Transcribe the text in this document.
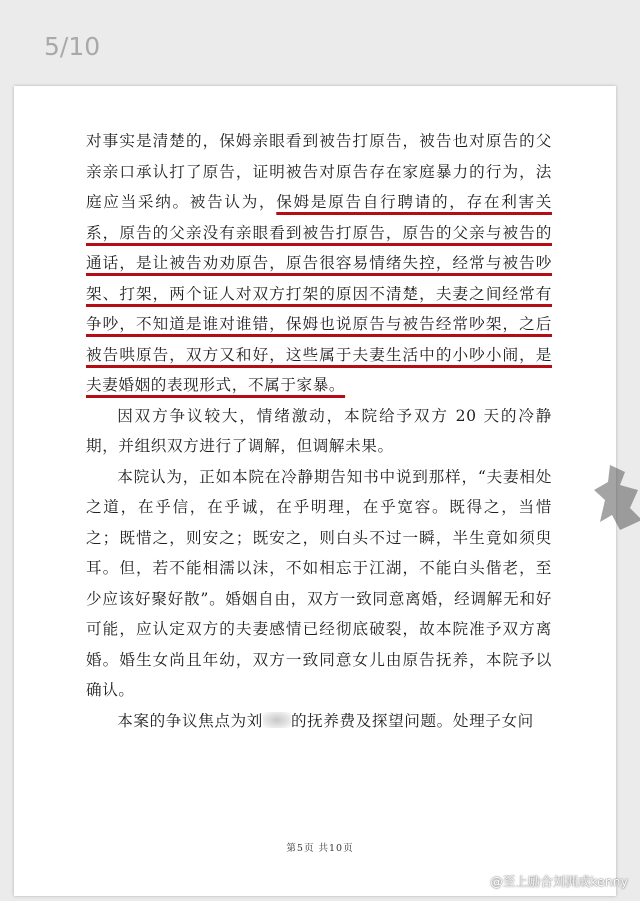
5/10

对事实是清楚的，保姆亲眼看到被告打原告，被告也对原告的父亲亲口承认打了原告，证明被告对原告存在家庭暴力的行为，法庭应当采纳。被告认为，保姆是原告自行聘请的，存在利害关系，原告的父亲没有亲眼看到被告打原告，原告的父亲与被告的通话，是让被告劝劝原告，原告很容易情绪失控，经常与被告吵架、打架，两个证人对双方打架的原因不清楚，夫妻之间经常有争吵，不知道是谁对谁错，保姆也说原告与被告经常吵架，之后被告哄原告，双方又和好，这些属于夫妻生活中的小吵小闹，是夫妻婚姻的表现形式，不属于家暴。

因双方争议较大，情绪激动，本院给予双方 20 天的冷静期，并组织双方进行了调解，但调解未果。

本院认为，正如本院在冷静期告知书中说到那样，“夫妻相处之道，在乎信，在乎诚，在乎明理，在乎宽容。既得之，当惜之；既惜之，则安之；既安之，则白头不过一瞬，半生竟如须臾耳。但，若不能相濡以沫，不如相忘于江湖，不能白头偕老，至少应该好聚好散”。婚姻自由，双方一致同意离婚，经调解无和好可能，应认定双方的夫妻感情已经彻底破裂，故本院准予双方离婚。婚生女尚且年幼，双方一致同意女儿由原告抚养，本院予以确认。

本案的争议焦点为刘 的抚养费及探望问题。处理子女问

第5页 共10页
@至上励合刘洲成kenny
